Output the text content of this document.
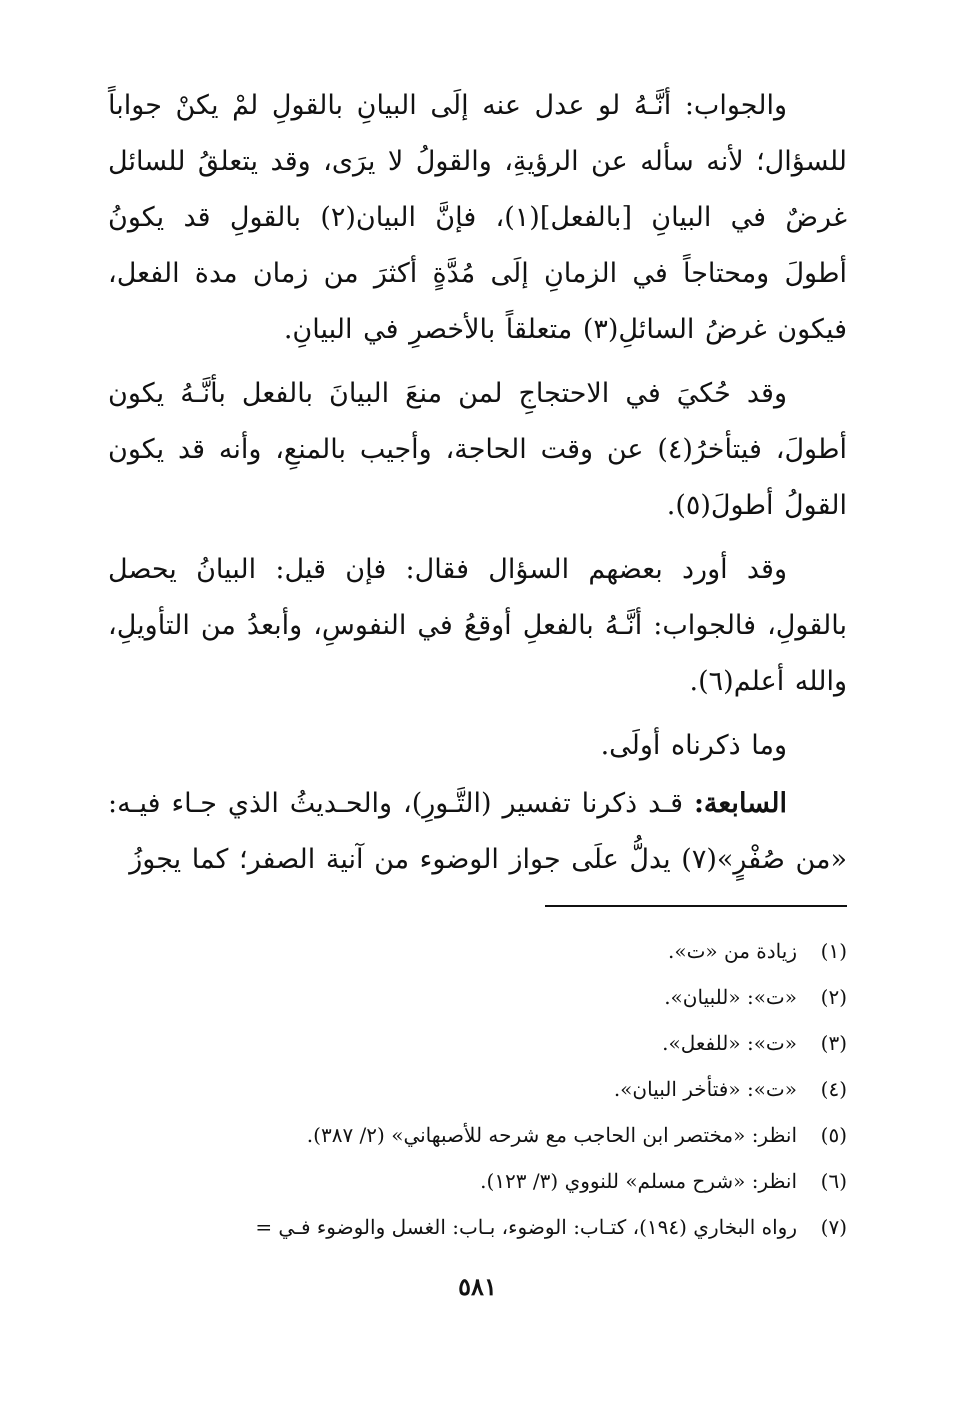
والجواب: أنَّـهُ لو عدل عنه إلَى البيانِ بالقولِ لمْ يكنْ جواباً للسؤال؛ لأنه سأله عن الرؤيةِ، والقولُ لا يرَى، وقد يتعلقُ للسائل غرضٌ في البيانِ [بالفعل](١)، فإنَّ البيان(٢) بالقولِ قد يكونُ أطولَ ومحتاجاً في الزمانِ إلَى مُدَّةٍ أكثرَ من زمان مدة الفعل، فيكون غرضُ السائلِ(٣) متعلقاً بالأخصرِ في البيانِ.

وقد حُكيَ في الاحتجاجِ لمن منعَ البيانَ بالفعل بأنَّـهُ يكون أطولَ، فيتأخرُ(٤) عن وقت الحاجة، وأجيب بالمنعِ، وأنه قد يكون القولُ أطولَ(٥).

وقد أورد بعضهم السؤال فقال: فإن قيل: البيانُ يحصل بالقولِ، فالجواب: أنَّـهُ بالفعلِ أوقعُ في النفوسِ، وأبعدُ من التأويلِ، والله أعلم(٦).

وما ذكرناه أولَى.

السابعة: قـد ذكرنا تفسير (التَّـورِ)، والحـديثُ الذي جـاء فيـه: «من صُفْرٍ»(٧) يدلُّ علَى جواز الوضوء من آنية الصفر؛ كما يجوزُ

(١)زيادة من «ت».
(٢)«ت»: «للبيان».
(٣)«ت»: «للفعل».
(٤)«ت»: «فتأخر البيان».
(٥)انظر: «مختصر ابن الحاجب مع شرحه للأصبهاني» (٢/ ٣٨٧).
(٦)انظر: «شرح مسلم» للنووي (٣/ ١٢٣).
(٧)رواه البخاري (١٩٤)، كتـاب: الوضوء، بـاب: الغسل والوضوء فـي =
٥٨١
